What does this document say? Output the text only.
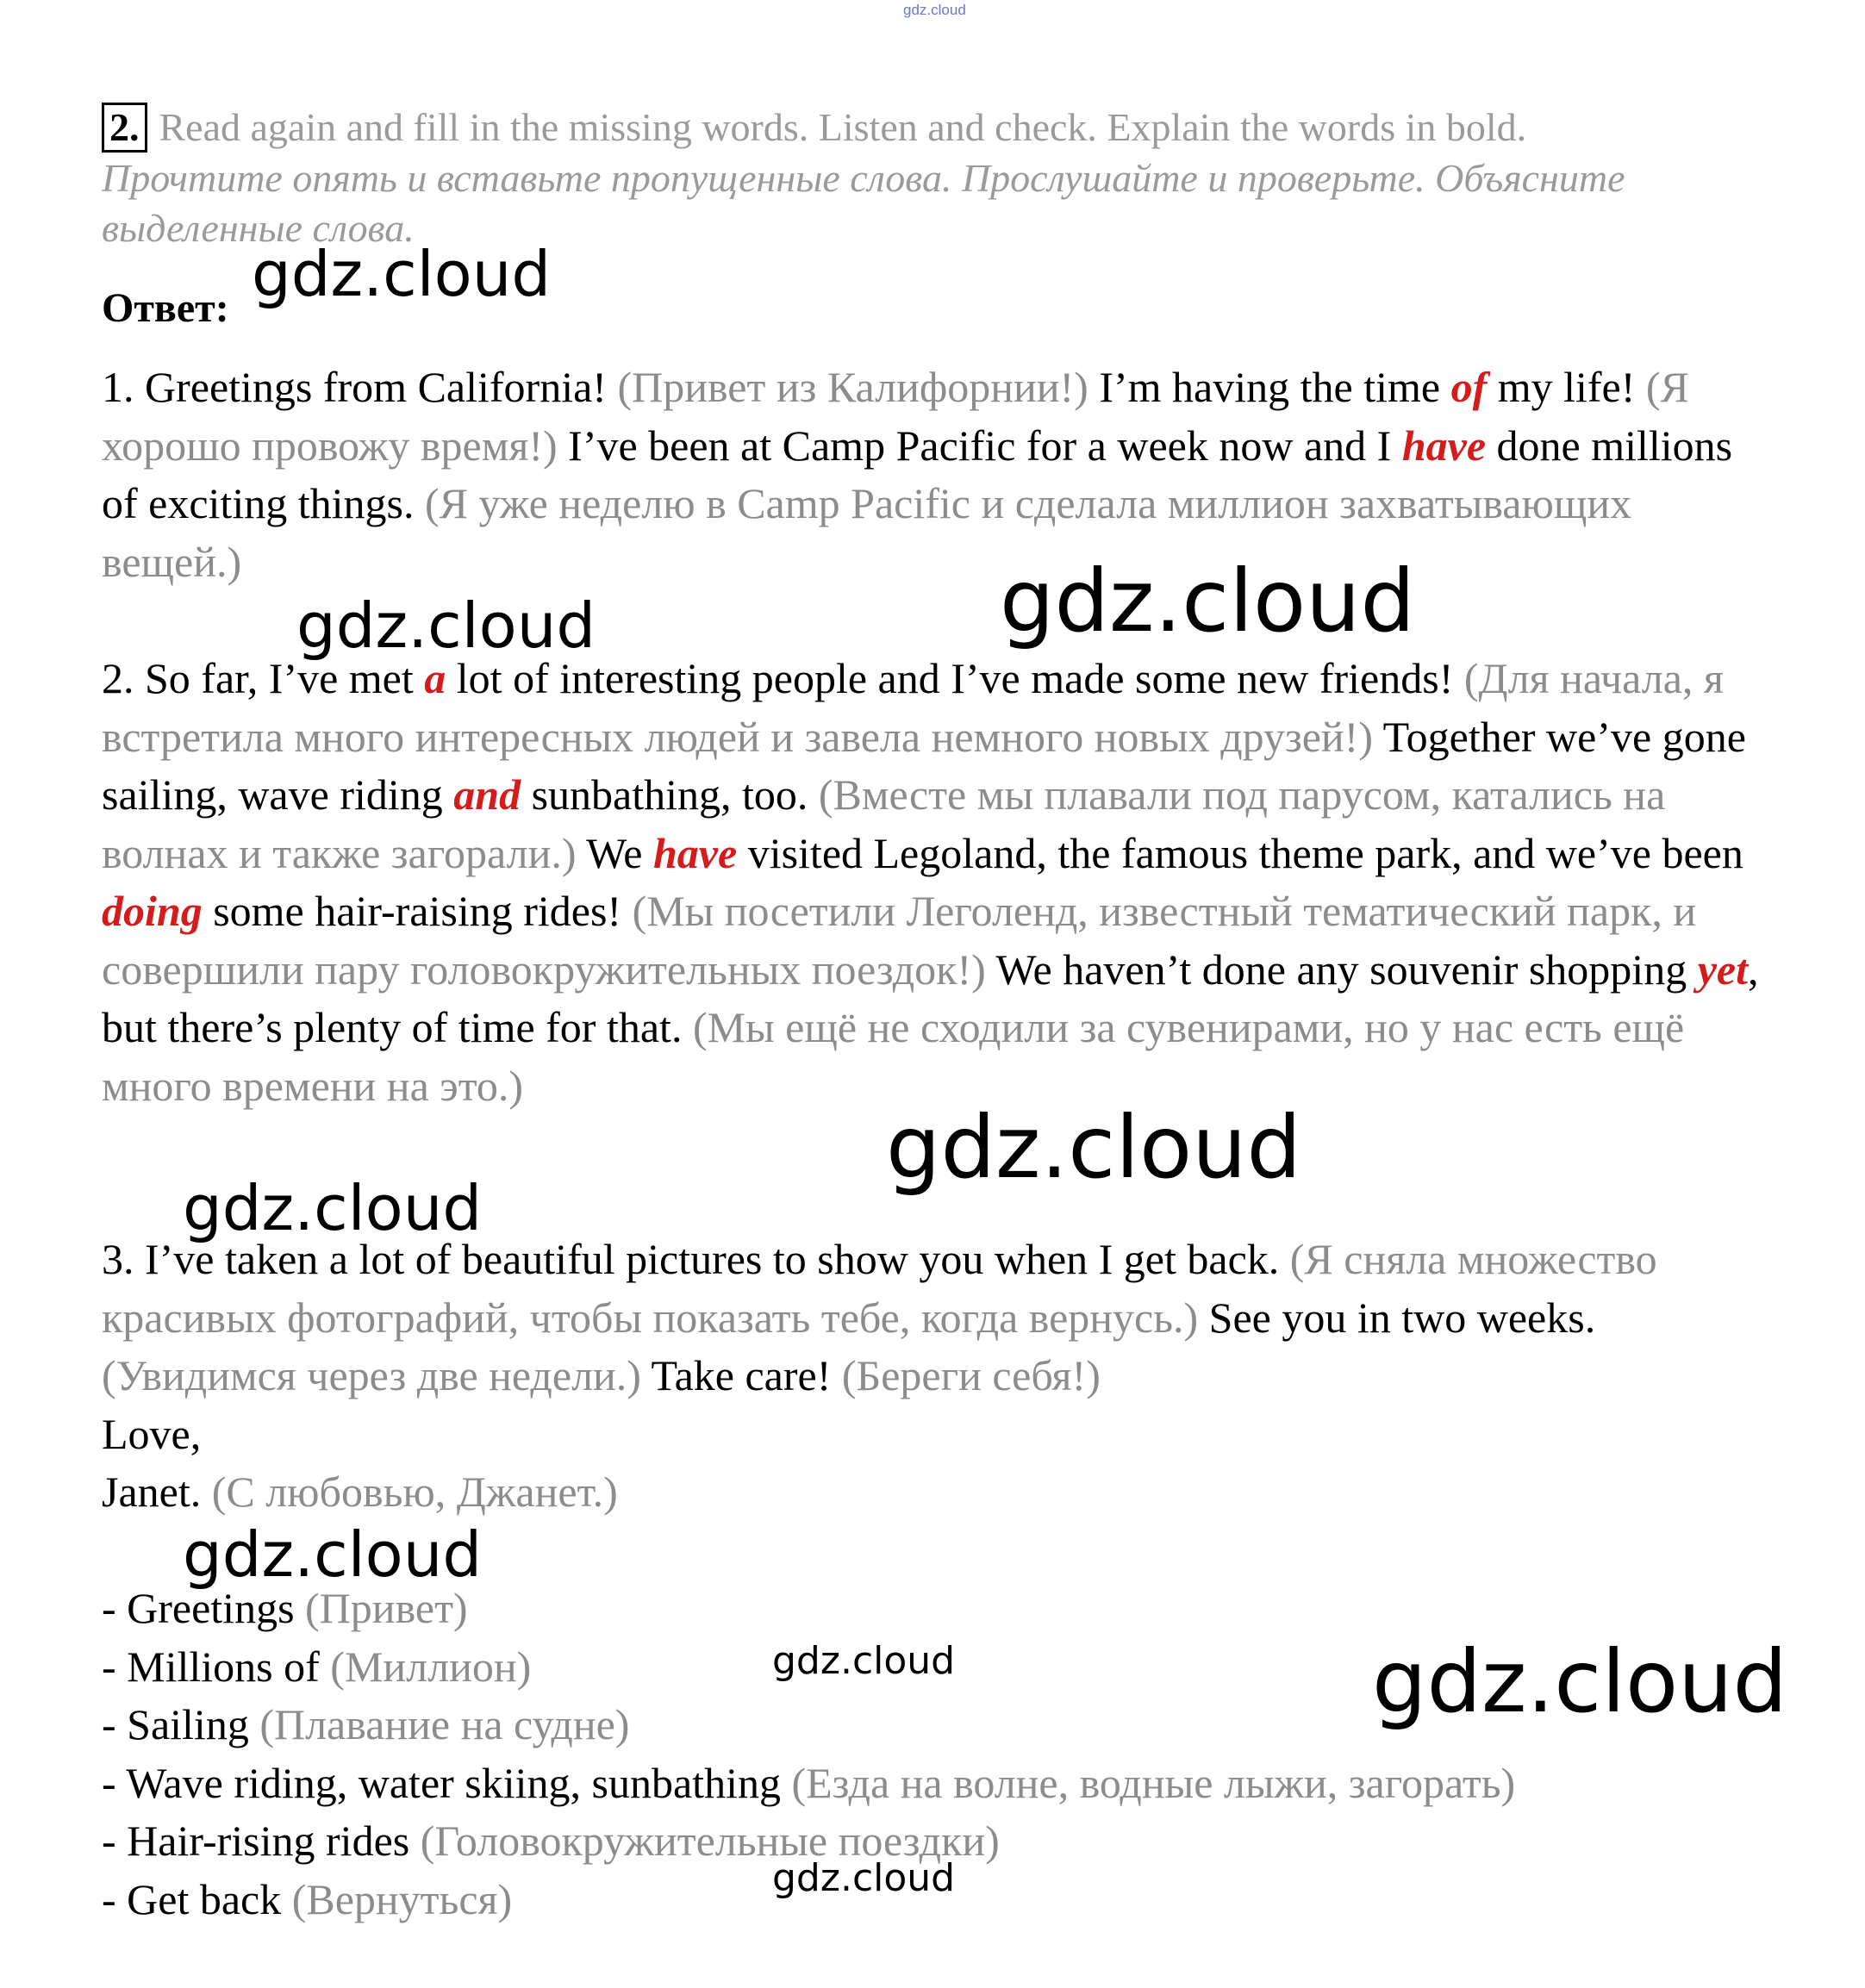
gdz.cloud
2. Read again and fill in the missing words. Listen and check. Explain the words in bold.
Прочтите опять и вставьте пропущенные слова. Прослушайте и проверьте. Объясните
выделенные слова.
Ответ:
1. Greetings from California! (Привет из Калифорнии!) I’m having the time of my life! (Я хорошо провожу время!) I’ve been at Camp Pacific for a week now and I have done millions of exciting things. (Я уже неделю в Camp Pacific и сделала миллион захватывающих вещей.)
2. So far, I’ve met a lot of interesting people and I’ve made some new friends! (Для начала, я встретила много интересных людей и завела немного новых друзей!) Together we’ve gone sailing, wave riding and sunbathing, too. (Вместе мы плавали под парусом, катались на волнах и также загорали.) We have visited Legoland, the famous theme park, and we’ve been doing some hair-raising rides! (Мы посетили Леголенд, известный тематический парк, и совершили пару головокружительных поездок!) We haven’t done any souvenir shopping yet, but there’s plenty of time for that. (Мы ещё не сходили за сувенирами, но у нас есть ещё много времени на это.)
3. I’ve taken a lot of beautiful pictures to show you when I get back. (Я сняла множество красивых фотографий, чтобы показать тебе, когда вернусь.) See you in two weeks. (Увидимся через две недели.) Take care! (Береги себя!)
Love,
Janet. (С любовью, Джанет.)
- Greetings (Привет)
- Millions of (Миллион)
- Sailing (Плавание на судне)
- Wave riding, water skiing, sunbathing (Езда на волне, водные лыжи, загорать)
- Hair-rising rides (Головокружительные поездки)
- Get back (Вернуться)
gdz.cloud
gdz.cloud	gdz.cloud
gdz.cloud
gdz.cloud
gdz.cloud
gdz.cloud	gdz.cloud
gdz.cloud
